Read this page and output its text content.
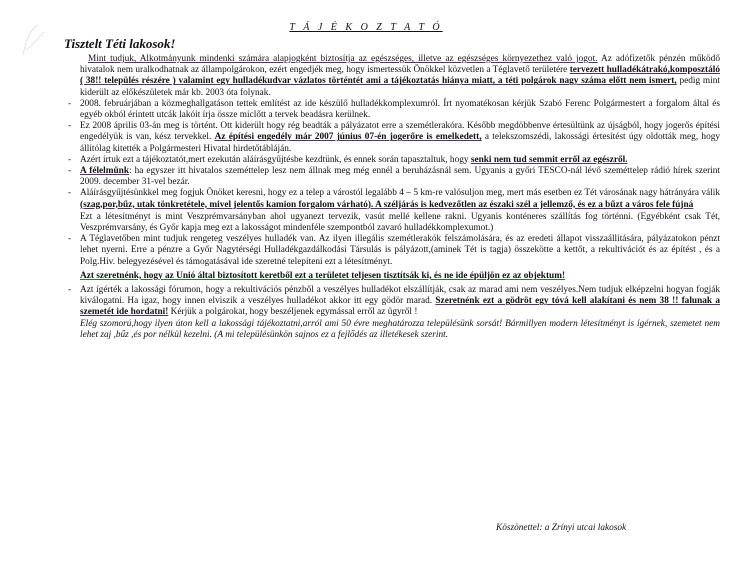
T Á J É K O Z T A T Ó
Tisztelt Téti lakosok!

Mint tudjuk, Alkotmányunk mindenki számára alapjogként biztosítja az egészséges, illetve az egészséges környezethez való jogot. Az adófizetők pénzén működő hivatalok nem uralkodhatnak az állampolgárokon, ezért engedjék meg, hogy ismertessük Önökkel közvetlen a Téglavető területére tervezett hulladékátrakó,komposztáló ( 38!! település részére ) valamint egy hulladékudvar vázlatos történtét ami a tájékoztatás hiánya miatt, a téti polgárok nagy száma előtt nem ismert, pedig mint kiderült az előkészületek már kb. 2003 óta folynak.

- 2008. februárjában a közmeghallgatáson tettek említést az ide készülő hulladékkomplexumról. Írt nyomatékosan kérjük Szabó Ferenc Polgármestert a forgalom által és egyéb okból érintett utcák lakóit írja össze miclőtt a tervek beadásra kerülnek.

- Ez 2008 április 03-án meg is történt. Ott kiderült hogy rég beadták a pályázatot erre a szemétlerakóra. Később megdöbbenve értesültünk az újságból, hogy jogerős építési engedélyük is van, kész tervekkel. Az építési engedély már 2007 június 07-én jogerőre is emelkedett, a telekszomszédi, lakossági értesítést úgy oldották meg, hogy állítólag kitették a Polgármesteri Hivatal hirdetőtábláján.

- Azért írtuk ezt a tájékoztatót,mert ezekután aláírásgyűjtésbe kezdtünk, és ennek során tapasztaltuk, hogy senki nem tud semmit erről az egészről.

- A félelmünk: ha egyszer itt hivatalos szeméttelep lesz nem állnak meg még ennél a beruházásnál sem. Ugyanis a győri TESCO-nál lévő szeméttelep rádió hírek szerint 2009. december 31-vel bezár.

- Aláírásgyűjtésünkkel meg fogjuk Önöket keresni, hogy ez a telep a várostól legalább 4 – 5 km-re valósuljon meg, mert más esetben ez Tét városának nagy hátrányára válik (szag,por,bűz, utak tönkretétele, mivel jelentős kamion forgalom várható). A széljárás is kedvezőtlen az északi szél a jellemző, és ez a bűzt a város fele fújná

Ezt a létesítményt is mint Veszprémvarsányban ahol ugyanezt tervezik, vasút mellé kellene rakni. Ugyanis konténeres szállítás fog történni. (Egyébként csak Tét, Veszprémvarsány, és Győr kapja meg ezt a lakosságot mindenféle szempontból zavaró hulladékkomplexumot.)

- A Téglavetőben mint tudjuk rengeteg veszélyes hulladék van. Az ilyen illegális szemétlerakók felszámolására, és az eredeti állapot visszaállítására, pályázatokon pénzt lehet nyerni. Erre a pénzre a Győr Nagytérségi Hulladékgazdálkodási Társulás is pályázott,(aminek Tét is tagja) összekötte a kettőt, a rekultivációt és az építést , és a Polg.Hiv. belegyezésével és támogatásával ide szeretné telepíteni ezt a létesítményt.

Azt szeretnénk, hogy az Unió által biztosított keretből ezt a területet teljesen tisztítsák ki, és ne ide épüljön ez az objektum!

- Azt ígérték a lakossági fórumon, hogy a rekultivációs pénzből a veszélyes hulladékot elszállítják, csak az marad ami nem veszélyes.Nem tudjuk elképzelni hogyan fogják kiválogatni. Ha igaz, hogy innen elviszik a veszélyes hulladékot akkor itt egy gödör marad. Szeretnénk ezt a gödröt egy tóvá kell alakítani és nem 38 !! falunak a szemetét ide hordatni! Kérjük a polgárokat, hogy beszéljenek egymással erről az ügyről !

Elég szomorú,hogy ilyen úton kell a lakossági tájékoztatni,arról ami 50 évre meghatározza településünk sorsát! Bármillyen modern létesítményt is ígérnek, szemetet nem lehet zaj ,bűz ,és por nélkül kezelni. (A mi településünkön sajnos ez a fejlődés az illetékesek szerint.

Köszönettel: a Zrínyi utcai lakosok
